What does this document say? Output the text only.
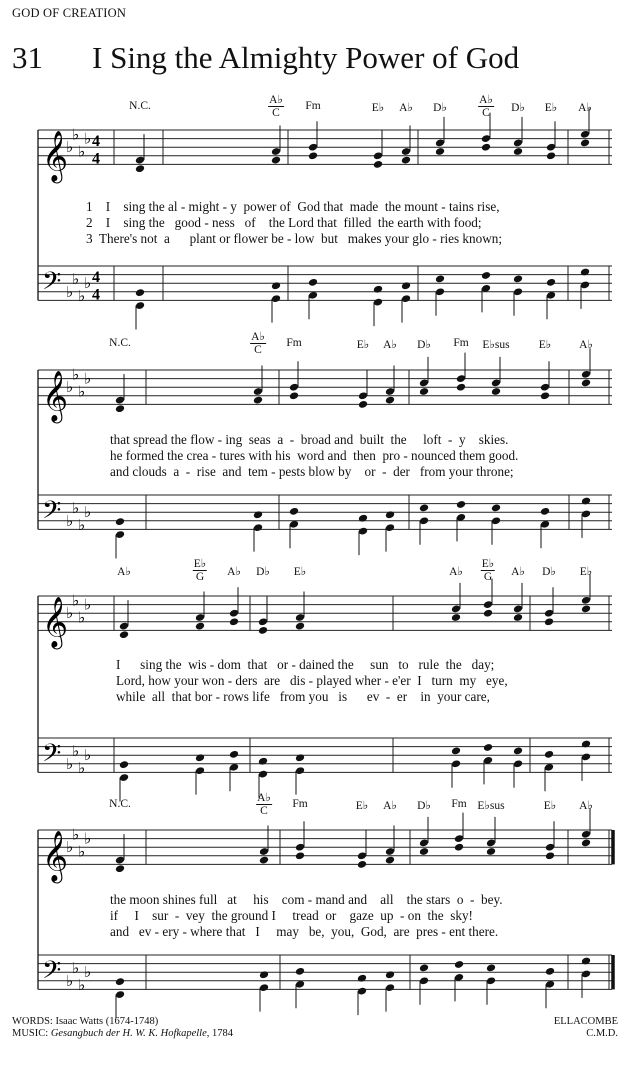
GOD OF CREATION
31 I Sing the Almighty Power of God
𝄞
♭
♭
♭
♭ 4
4
𝄢 ♭
♭
♭
♭ 4
4
𝄞
♭
♭
♭
♭
𝄢 ♭
♭
♭
♭
𝄞
♭
♭
♭
♭
𝄢 ♭
♭
♭
♭
𝄞
♭
♭
♭
♭
𝄢 ♭
♭
♭
♭
N.C.	$\frac{A♭}{C}$ Fm	E♭ A♭ D♭	$\frac{A♭}{C}$ D♭ E♭ A♭
N.C.	$\frac{A♭}{C}$ Fm	E♭ A♭ D♭ Fm E♭sus	E♭ A♭
A♭	$\frac{E♭}{G}$ A♭ D♭ E♭	A♭ $\frac{E♭}{G}$ A♭ D♭ E♭
N.C.	$\frac{A♭}{C}$ Fm	E♭ A♭ D♭ Fm E♭sus	E♭ A♭
1    I    sing the al - might - y  power of  God that  made  the mount - tains rise,
2    I    sing the   good - ness   of    the Lord that  filled  the earth with food;
3  There's not  a      plant or flower be - low  but   makes your glo - ries known;
that spread the flow - ing  seas  a  -  broad and  built  the     loft  -  y    skies.
he formed the crea - tures with his  word and  then  pro - nounced them good.
and clouds  a  -  rise  and  tem - pests blow by    or  -  der   from your throne;
I      sing the  wis - dom  that   or - dained the     sun   to   rule  the   day;
Lord, how your won - ders  are   dis - played wher - e'er  I   turn  my   eye,
while  all  that bor - rows life   from you   is      ev  -  er    in  your care,
the moon shines full   at     his    com - mand and    all    the stars  o  -  bey.
if     I    sur  -  vey  the ground I     tread  or    gaze  up  - on  the  sky!
and   ev - ery - where that   I     may   be,  you,  God,  are  pres - ent there.
WORDS: Isaac Watts (1674-1748)
MUSIC: Gesangbuch der H. W. K. Hofkapelle, 1784
ELLACOMBE
C.M.D.
